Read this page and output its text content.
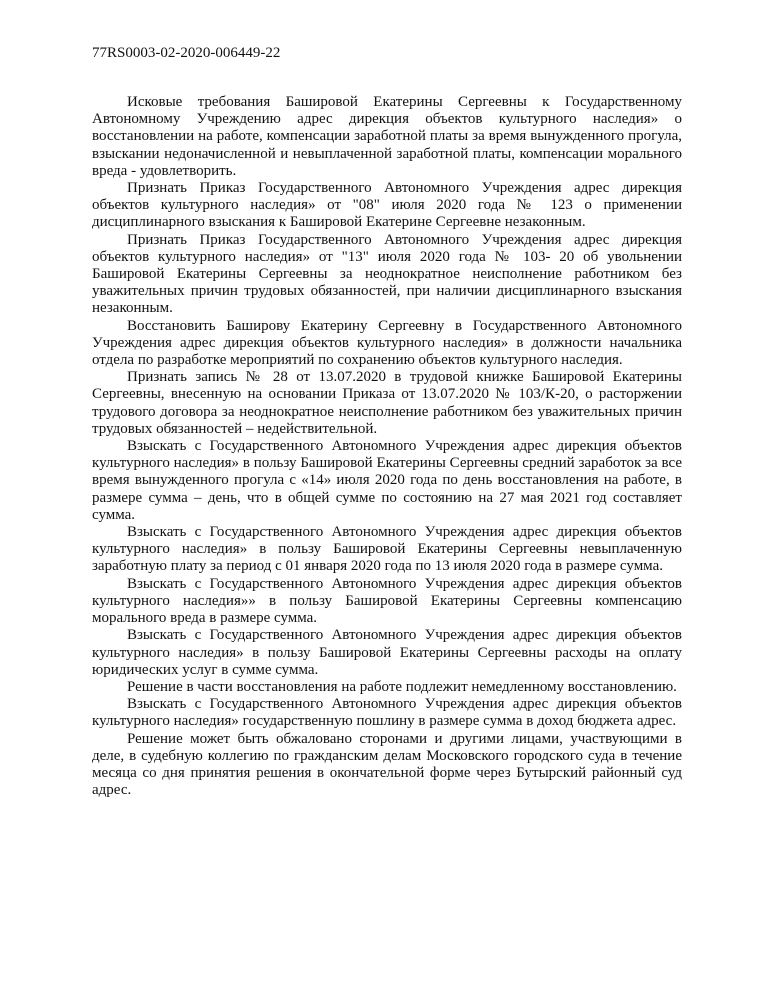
77RS0003-02-2020-006449-22

Исковые требования Башировой Екатерины Сергеевны к Государственному Автономному Учреждению адрес дирекция объектов культурного наследия» о восстановлении на работе, компенсации заработной платы за время вынужденного прогула, взыскании недоначисленной и невыплаченной заработной платы, компенсации морального вреда - удовлетворить.

Признать Приказ Государственного Автономного Учреждения адрес дирекция объектов культурного наследия» от "08" июля 2020 года № 123 о применении дисциплинарного взыскания к Башировой Екатерине Сергеевне незаконным.

Признать Приказ Государственного Автономного Учреждения адрес дирекция объектов культурного наследия» от "13" июля 2020 года № 103- 20 об увольнении Башировой Екатерины Сергеевны за неоднократное неисполнение работником без уважительных причин трудовых обязанностей, при наличии дисциплинарного взыскания незаконным.

Восстановить Баширову Екатерину Сергеевну в Государственного Автономного Учреждения адрес дирекция объектов культурного наследия» в должности начальника отдела по разработке мероприятий по сохранению объектов культурного наследия.

Признать запись № 28 от 13.07.2020 в трудовой книжке Башировой Екатерины Сергеевны, внесенную на основании Приказа от 13.07.2020 № 103/К-20, о расторжении трудового договора за неоднократное неисполнение работником без уважительных причин трудовых обязанностей – недействительной.

Взыскать с Государственного Автономного Учреждения адрес дирекция объектов культурного наследия» в пользу Башировой Екатерины Сергеевны средний заработок за все время вынужденного прогула с «14» июля 2020 года по день восстановления на работе, в размере сумма – день, что в общей сумме по состоянию на 27 мая 2021 год составляет сумма.

Взыскать с Государственного Автономного Учреждения адрес дирекция объектов культурного наследия» в пользу Башировой Екатерины Сергеевны невыплаченную заработную плату за период с 01 января 2020 года по 13 июля 2020 года в размере сумма.

Взыскать с Государственного Автономного Учреждения адрес дирекция объектов культурного наследия»» в пользу Башировой Екатерины Сергеевны компенсацию морального вреда в размере сумма.

Взыскать с Государственного Автономного Учреждения адрес дирекция объектов культурного наследия» в пользу Башировой Екатерины Сергеевны расходы на оплату юридических услуг в сумме сумма.

Решение в части восстановления на работе подлежит немедленному восстановлению.

Взыскать с Государственного Автономного Учреждения адрес дирекция объектов культурного наследия» государственную пошлину в размере сумма в доход бюджета адрес.

Решение может быть обжаловано сторонами и другими лицами, участвующими в деле, в судебную коллегию по гражданским делам Московского городского суда в течение месяца со дня принятия решения в окончательной форме через Бутырский районный суд адрес.
